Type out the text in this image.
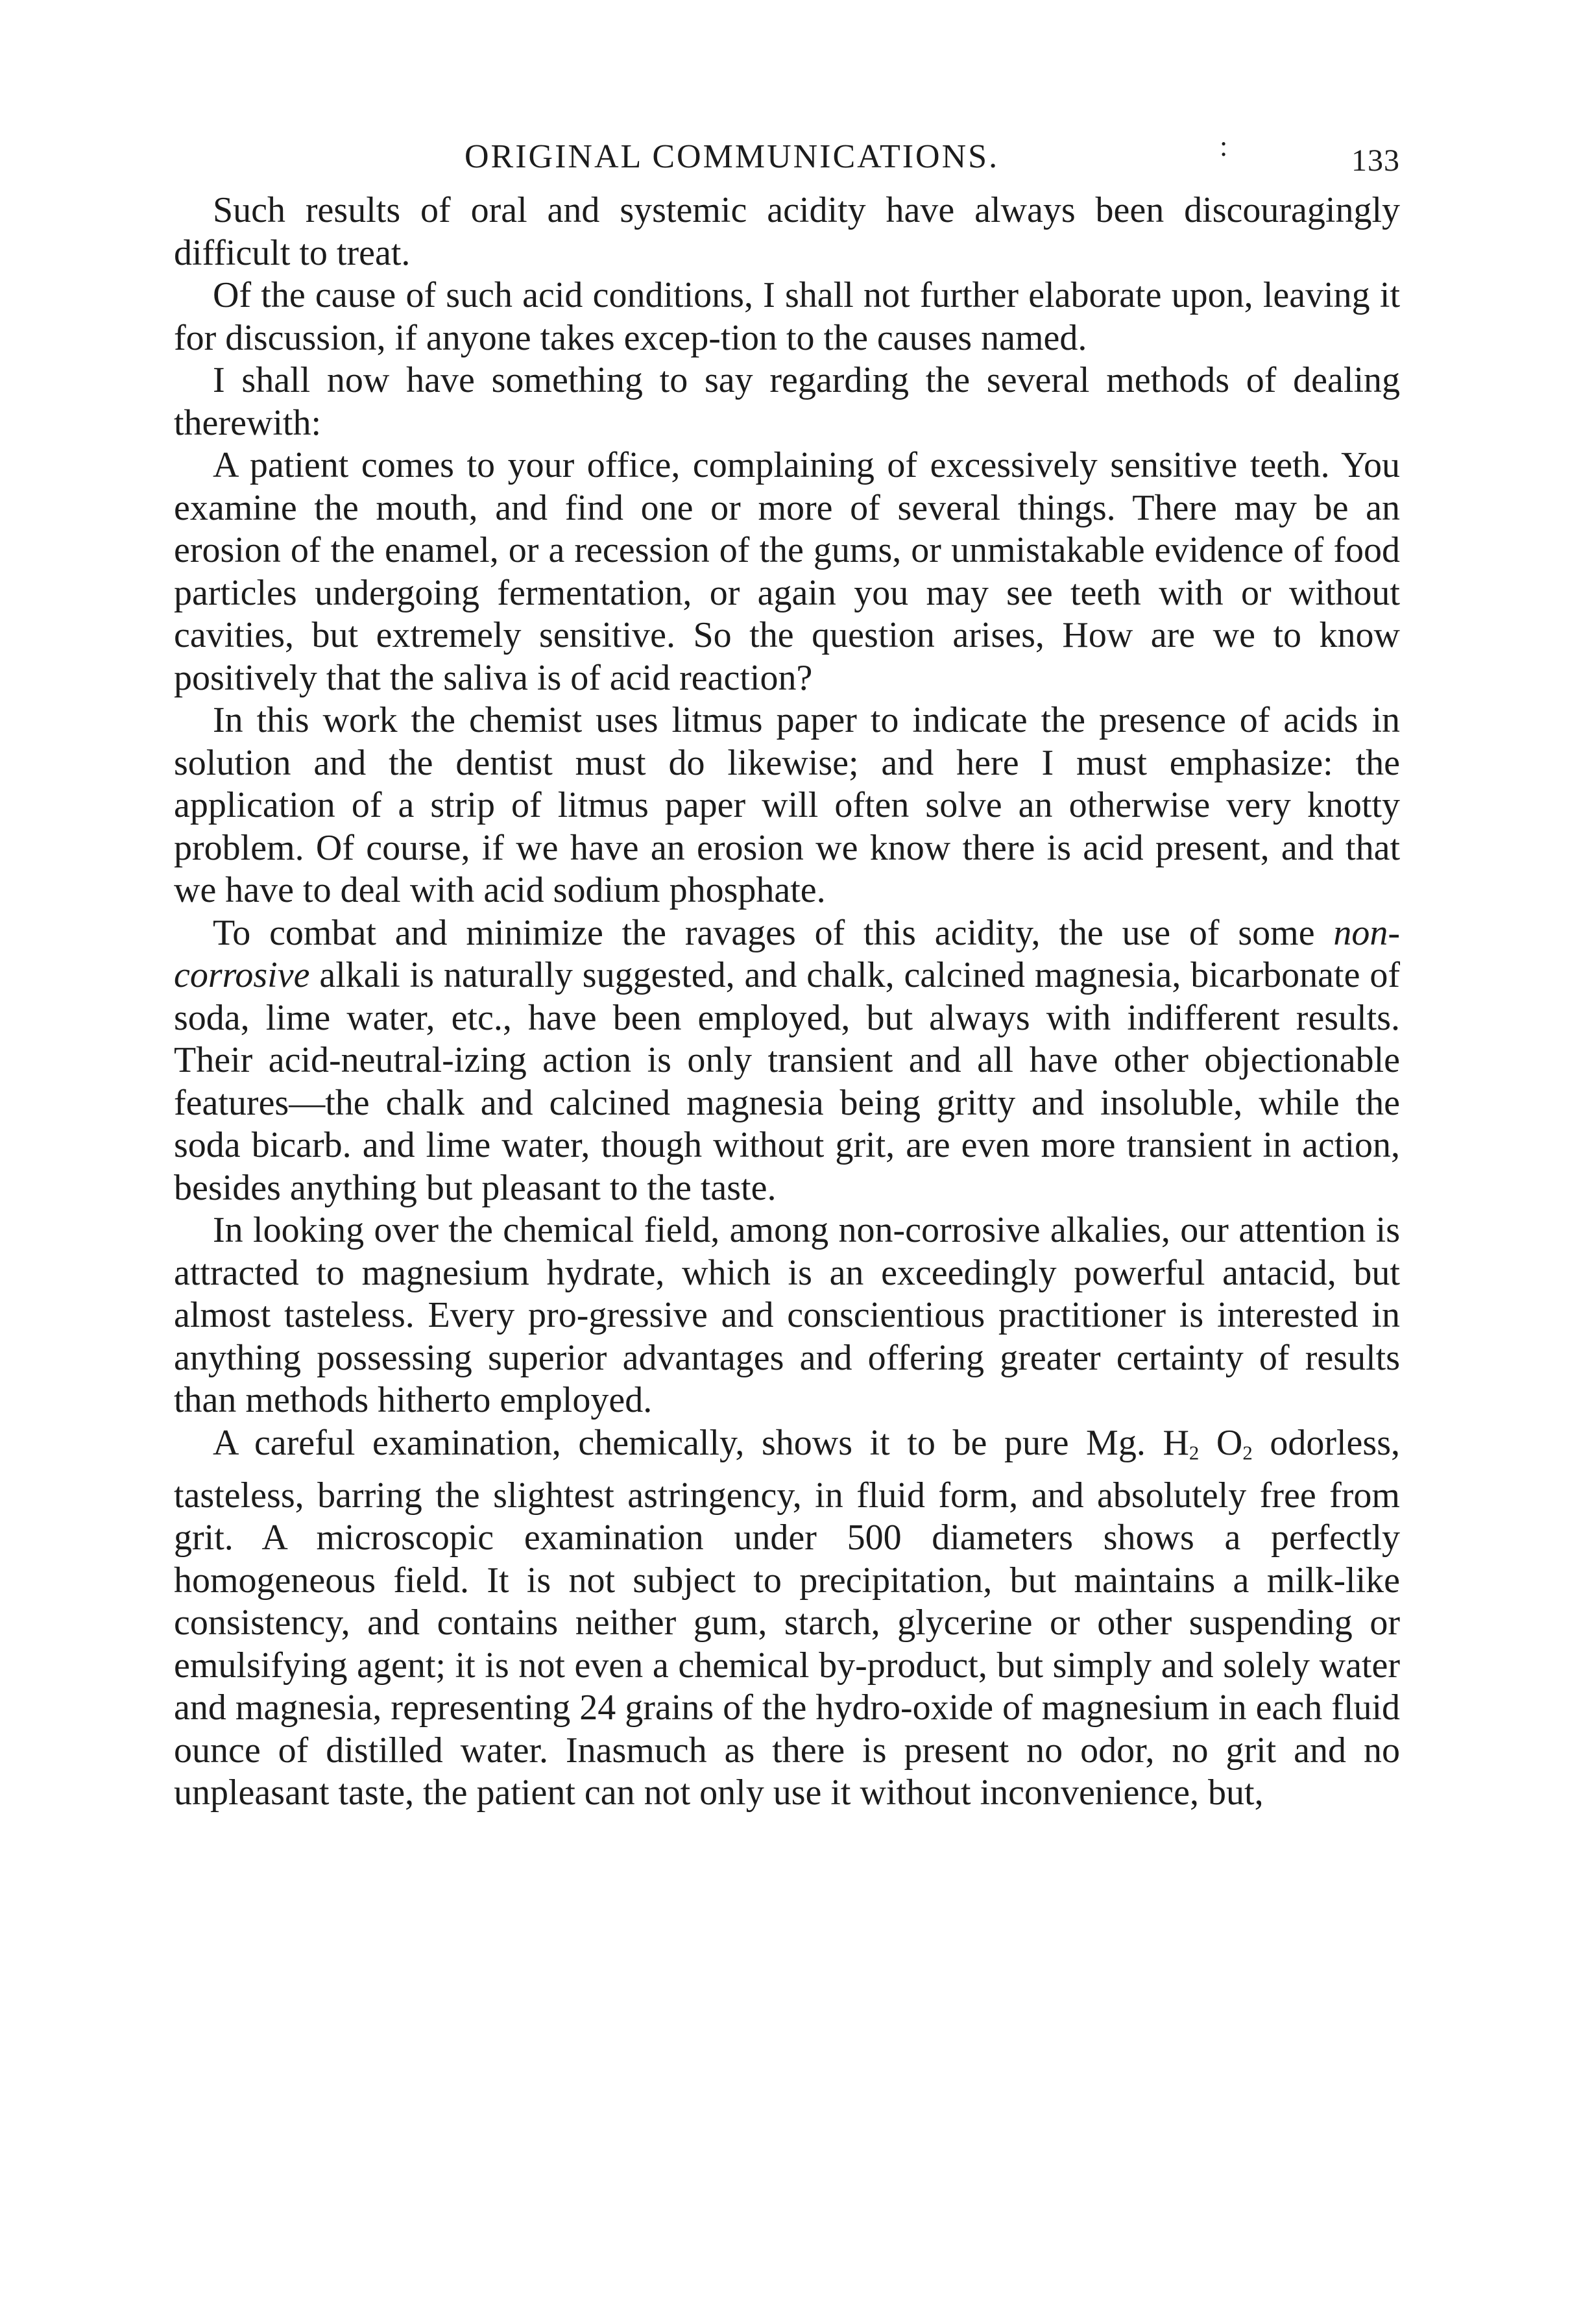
ORIGINAL COMMUNICATIONS.	:	133

Such results of oral and systemic acidity have always been discouragingly difficult to treat.

Of the cause of such acid conditions, I shall not further elaborate upon, leaving it for discussion, if anyone takes excep-tion to the causes named.

I shall now have something to say regarding the several methods of dealing therewith:

A patient comes to your office, complaining of excessively sensitive teeth. You examine the mouth, and find one or more of several things. There may be an erosion of the enamel, or a recession of the gums, or unmistakable evidence of food particles undergoing fermentation, or again you may see teeth with or without cavities, but extremely sensitive. So the question arises, How are we to know positively that the saliva is of acid reaction?

In this work the chemist uses litmus paper to indicate the presence of acids in solution and the dentist must do likewise; and here I must emphasize: the application of a strip of litmus paper will often solve an otherwise very knotty problem. Of course, if we have an erosion we know there is acid present, and that we have to deal with acid sodium phosphate.

To combat and minimize the ravages of this acidity, the use of some non-corrosive alkali is naturally suggested, and chalk, calcined magnesia, bicarbonate of soda, lime water, etc., have been employed, but always with indifferent results. Their acid-neutral-izing action is only transient and all have other objectionable features—the chalk and calcined magnesia being gritty and insoluble, while the soda bicarb. and lime water, though without grit, are even more transient in action, besides anything but pleasant to the taste.

In looking over the chemical field, among non-corrosive alkalies, our attention is attracted to magnesium hydrate, which is an exceedingly powerful antacid, but almost tasteless. Every pro-gressive and conscientious practitioner is interested in anything possessing superior advantages and offering greater certainty of results than methods hitherto employed.

A careful examination, chemically, shows it to be pure Mg. $H_2$ $O_2$ odorless, tasteless, barring the slightest astringency, in fluid form, and absolutely free from grit. A microscopic examination under 500 diameters shows a perfectly homogeneous field. It is not subject to precipitation, but maintains a milk-like consistency, and contains neither gum, starch, glycerine or other suspending or emulsifying agent; it is not even a chemical by-product, but simply and solely water and magnesia, representing 24 grains of the hydro-oxide of magnesium in each fluid ounce of distilled water. Inasmuch as there is present no odor, no grit and no unpleasant taste, the patient can not only use it without inconvenience, but,
